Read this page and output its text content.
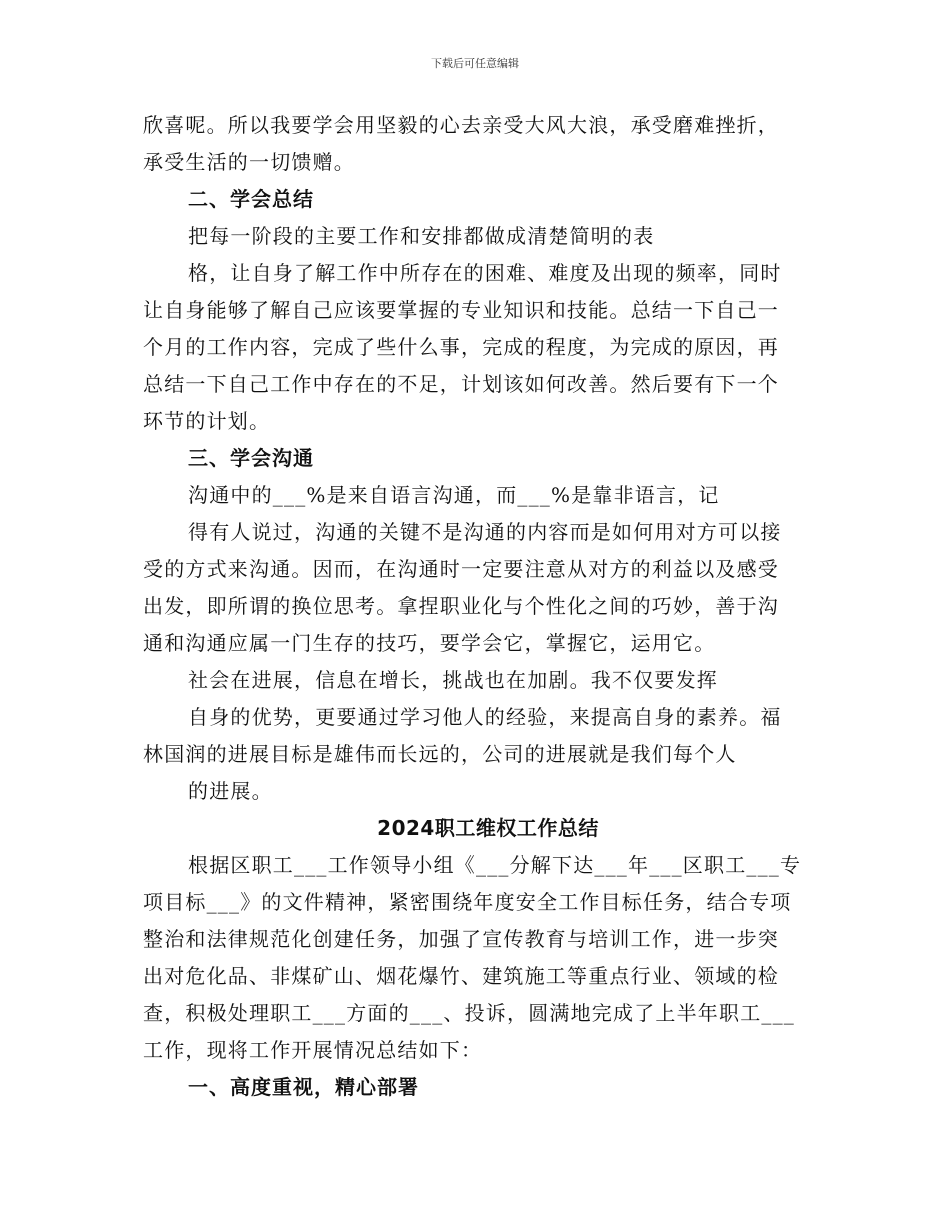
下载后可任意编辑
欣喜呢。所以我要学会用坚毅的心去亲受大风大浪，承受磨难挫折，
承受生活的一切馈赠。
二、学会总结
把每一阶段的主要工作和安排都做成清楚简明的表
格，让自身了解工作中所存在的困难、难度及出现的频率，同时
让自身能够了解自己应该要掌握的专业知识和技能。总结一下自己一
个月的工作内容，完成了些什么事，完成的程度，为完成的原因，再
总结一下自己工作中存在的不足，计划该如何改善。然后要有下一个
环节的计划。
三、学会沟通
沟通中的___%是来自语言沟通，而___%是靠非语言，记
得有人说过，沟通的关键不是沟通的内容而是如何用对方可以接
受的方式来沟通。因而，在沟通时一定要注意从对方的利益以及感受
出发，即所谓的换位思考。拿捏职业化与个性化之间的巧妙，善于沟
通和沟通应属一门生存的技巧，要学会它，掌握它，运用它。
社会在进展，信息在增长，挑战也在加剧。我不仅要发挥
自身的优势，更要通过学习他人的经验，来提高自身的素养。福
林国润的进展目标是雄伟而长远的，公司的进展就是我们每个人
的进展。
2024职工维权工作总结
根据区职工___工作领导小组《___分解下达___年___区职工___专
项目标___》的文件精神，紧密围绕年度安全工作目标任务，结合专项
整治和法律规范化创建任务，加强了宣传教育与培训工作，进一步突
出对危化品、非煤矿山、烟花爆竹、建筑施工等重点行业、领域的检
查，积极处理职工___方面的___、投诉，圆满地完成了上半年职工___
工作，现将工作开展情况总结如下：
一、高度重视，精心部署
